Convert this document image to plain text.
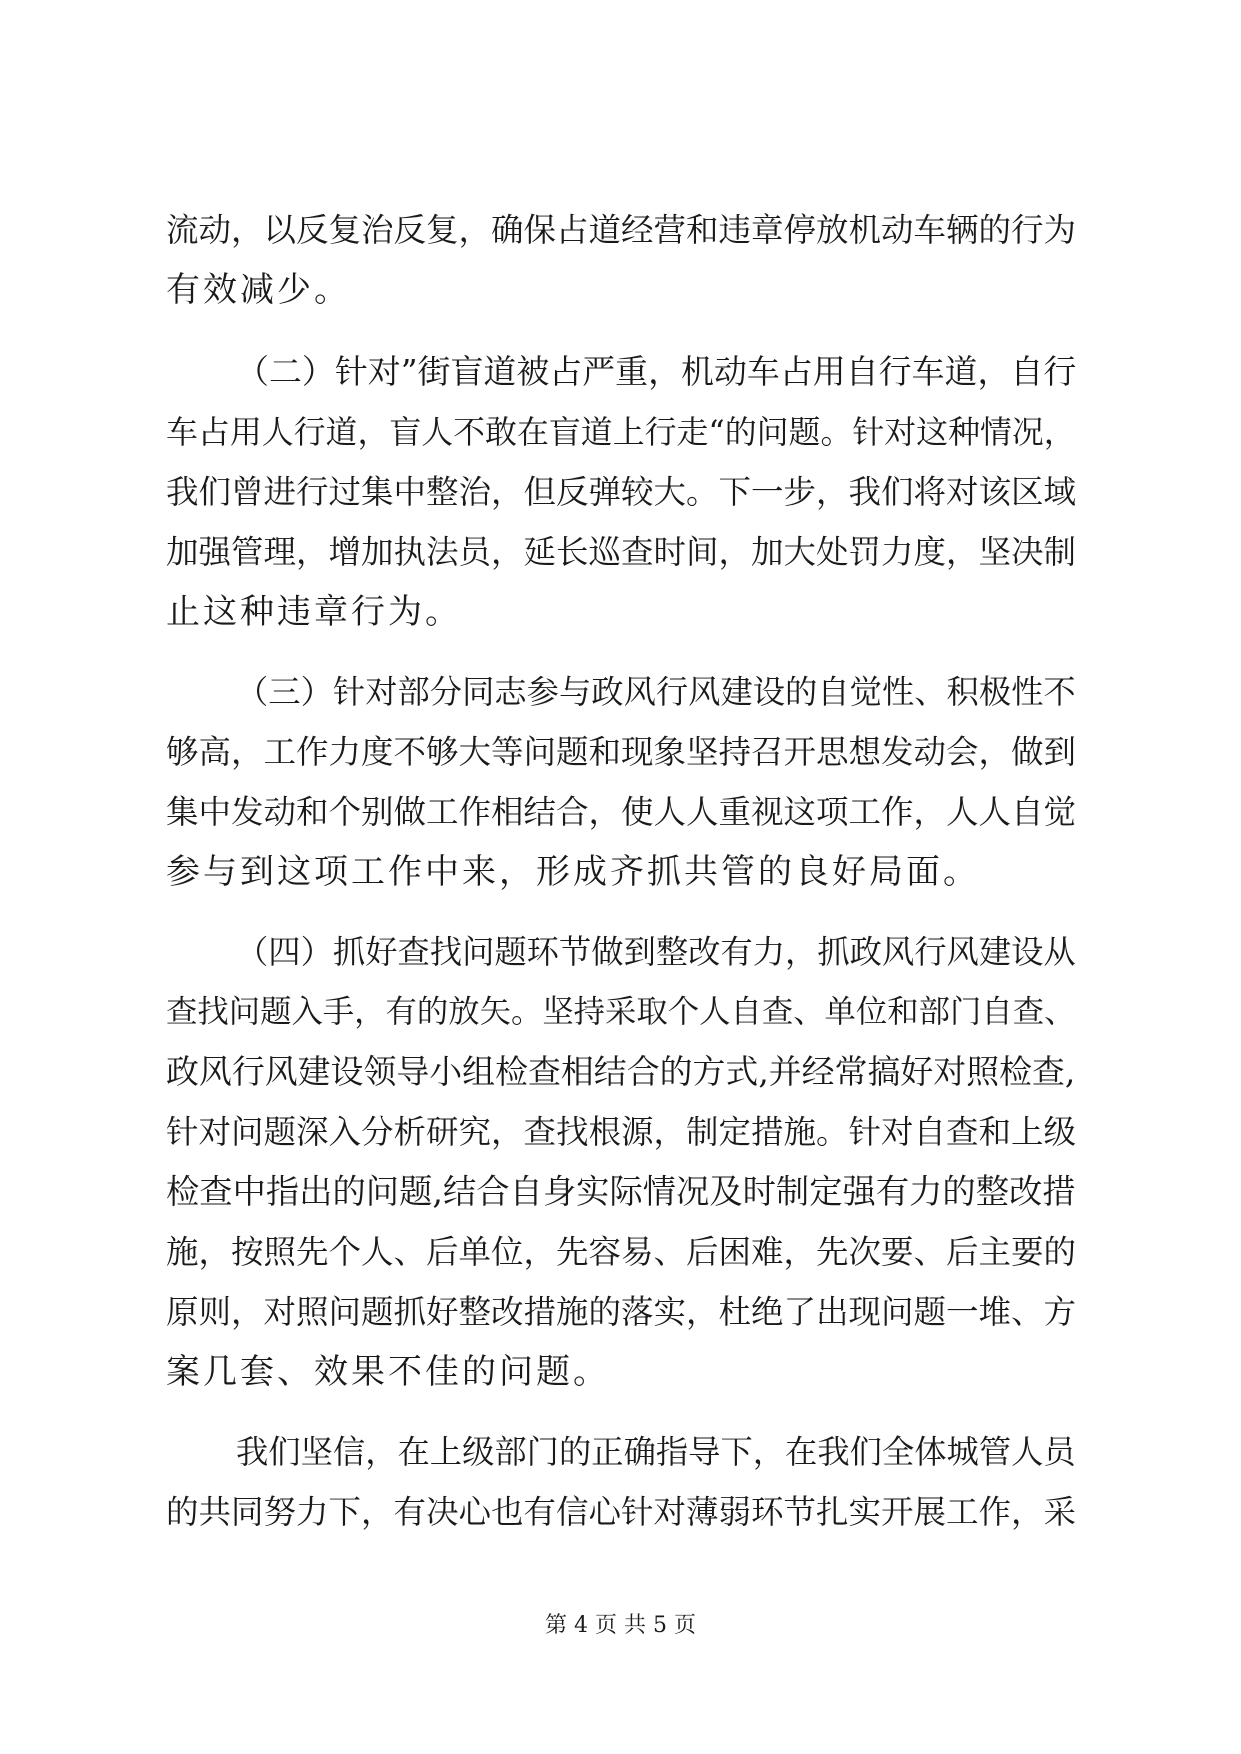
流动，以反复治反复，确保占道经营和违章停放机动车辆的行为
有效减少。
（二）针对”街盲道被占严重，机动车占用自行车道，自行
车占用人行道，盲人不敢在盲道上行走“的问题。针对这种情况，
我们曾进行过集中整治，但反弹较大。下一步，我们将对该区域
加强管理，增加执法员，延长巡查时间，加大处罚力度，坚决制
止这种违章行为。
（三）针对部分同志参与政风行风建设的自觉性、积极性不
够高，工作力度不够大等问题和现象坚持召开思想发动会，做到
集中发动和个别做工作相结合，使人人重视这项工作，人人自觉
参与到这项工作中来，形成齐抓共管的良好局面。
（四）抓好查找问题环节做到整改有力，抓政风行风建设从
查找问题入手，有的放矢。坚持采取个人自查、单位和部门自查、
政风行风建设领导小组检查相结合的方式,并经常搞好对照检查,
针对问题深入分析研究，查找根源，制定措施。针对自查和上级
检查中指出的问题,结合自身实际情况及时制定强有力的整改措
施，按照先个人、后单位，先容易、后困难，先次要、后主要的
原则，对照问题抓好整改措施的落实，杜绝了出现问题一堆、方
案几套、效果不佳的问题。
我们坚信，在上级部门的正确指导下，在我们全体城管人员
的共同努力下，有决心也有信心针对薄弱环节扎实开展工作，采
第 4 页 共 5 页
